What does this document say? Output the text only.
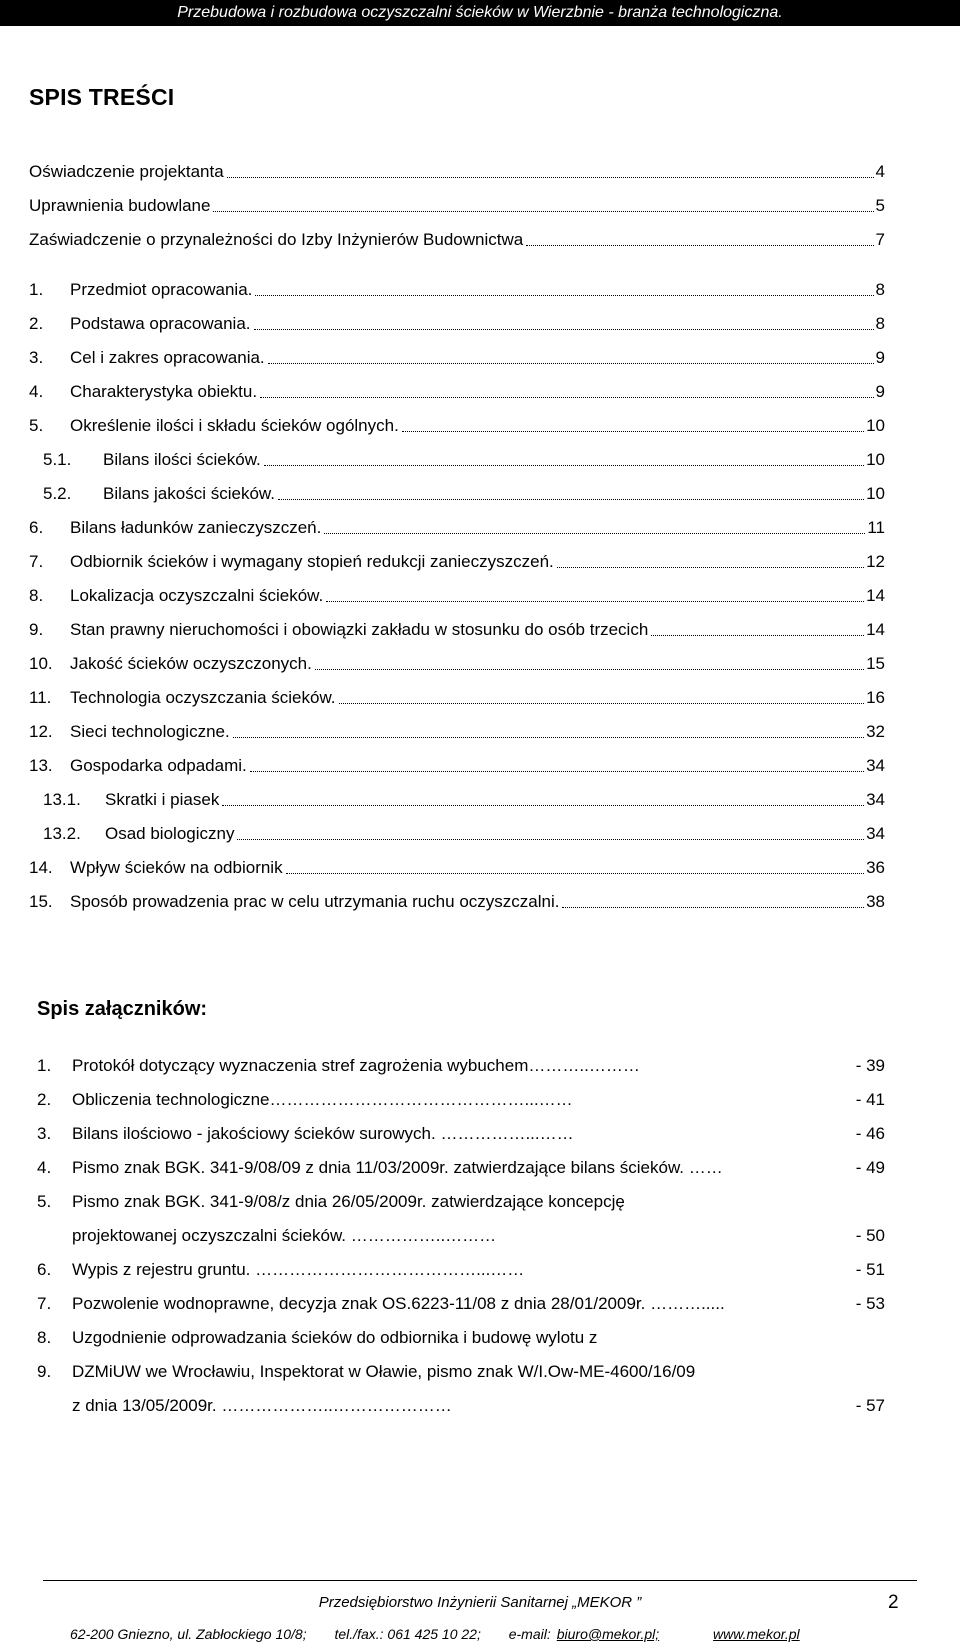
Przebudowa i rozbudowa oczyszczalni ścieków w Wierzbnie - branża technologiczna.
SPIS TREŚCI
Oświadczenie projektanta	4
Uprawnienia budowlane	5
Zaświadczenie o przynależności do Izby Inżynierów Budownictwa	7
1.	Przedmiot opracowania.	8
2.	Podstawa opracowania.	8
3.	Cel i zakres opracowania.	9
4.	Charakterystyka obiektu.	9
5.	Określenie ilości i składu ścieków ogólnych.	10
5.1.	Bilans ilości ścieków.	10
5.2.	Bilans jakości ścieków.	10
6.	Bilans ładunków zanieczyszczeń.	11
7.	Odbiornik ścieków i wymagany stopień redukcji zanieczyszczeń.	12
8.	Lokalizacja oczyszczalni ścieków.	14
9.	Stan prawny nieruchomości i obowiązki zakładu w stosunku do osób trzecich	14
10.	Jakość ścieków oczyszczonych.	15
11.	Technologia oczyszczania ścieków.	16
12.	Sieci technologiczne.	32
13.	Gospodarka odpadami.	34
13.1.	Skratki i piasek	34
13.2.	Osad biologiczny	34
14.	Wpływ ścieków na odbiornik	36
15.	Sposób prowadzenia prac w celu utrzymania ruchu oczyszczalni.	38
Spis załączników:
1. Protokół dotyczący wyznaczenia stref zagrożenia wybuchem………..………	- 39
2. Obliczenia technologiczne………………………………………...……	- 41
3. Bilans ilościowo - jakościowy ścieków surowych. ……………...……	- 46
4. Pismo znak BGK. 341-9/08/09 z dnia 11/03/2009r. zatwierdzające bilans ścieków. ……	- 49
5. Pismo znak BGK. 341-9/08/z dnia 26/05/2009r. zatwierdzające koncepcję
projektowanej oczyszczalni ścieków. ……………..………	- 50
6. Wypis z rejestru gruntu. …………………………………...……	- 51
7. Pozwolenie wodnoprawne, decyzja znak OS.6223-11/08 z dnia 28/01/2009r. ……….....	- 53
8. Uzgodnienie odprowadzania ścieków do odbiornika i budowę wylotu z
9. DZMiUW we Wrocławiu, Inspektorat w Oławie, pismo znak W/I.Ow-ME-4600/16/09
z dnia 13/05/2009r. ………………..…………………	- 57
Przedsiębiorstwo Inżynierii Sanitarnej „MEKOR ”	2
62-200 Gniezno, ul. Zabłockiego 10/8; tel./fax.: 061 425 10 22; e-mail: biuro@mekor.pl;	www.mekor.pl
